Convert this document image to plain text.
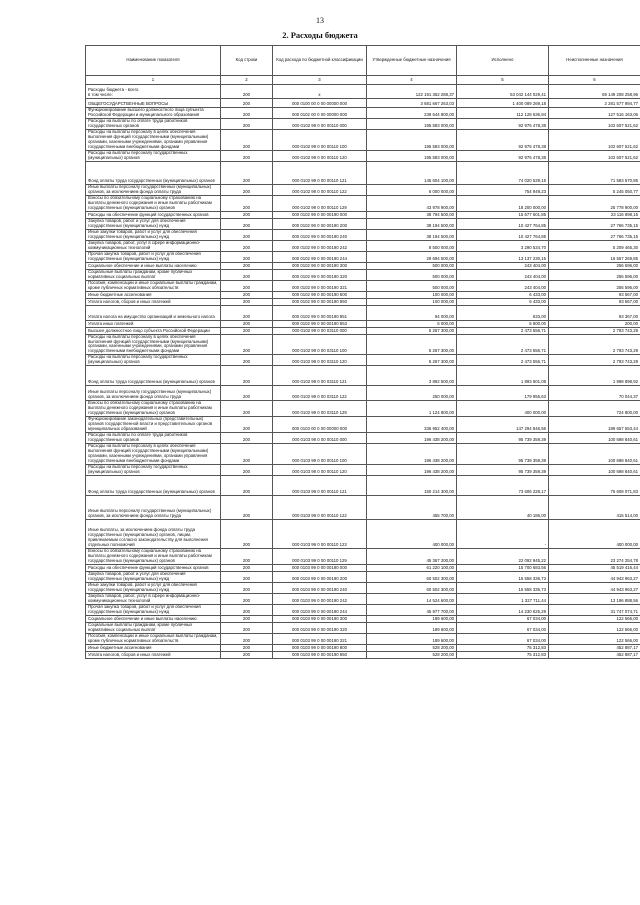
13
2. Расходы бюджета
Наименование показателя	Код строки	Код расхода по бюджетной классификации	Утвержденные бюджетные назначения	Исполнено	Неисполненные назначения
1	2	3	4	5	6
Расходы бюджета - всего
в том числе:	200	x	122 191 352 288,37	53 042 144 029,41	69 149 208 258,96
ОБЩЕГОСУДАРСТВЕННЫЕ ВОПРОСЫ	200	000 0100 00 0 00 00000 000	3 681 667 263,03	1 400 089 269,18	2 281 577 994,77
Функционирование высшего должностного лица субъекта Российской Федерации и муниципального образования	200	000 0102 00 0 00 00000 000	239 644 800,00	112 128 636,94	127 516 163,06
Расходы на выплаты по оплате труда работников государственных органов	200	000 0102 99 0 00 00110 000	195 583 000,00	92 975 478,38	102 607 521,62
Расходы на выплаты персоналу в целях обеспечения выполнения функций государственными (муниципальными) органами, казенными учреждениями, органами управления государственными внебюджетными фондами	200	000 0102 99 0 00 00110 100	195 583 000,00	92 975 478,38	102 607 521,62
Расходы на выплаты персоналу государственных (муниципальных) органов	200	000 0102 99 0 00 00110 120	195 583 000,00	92 975 478,38	102 607 521,62
Фонд оплаты труда государственных (муниципальных) органов	200	000 0102 99 0 00 00110 121	145 604 100,00	74 020 529,15	71 583 570,85
Иные выплаты персоналу государственных (муниципальных) органов, за исключением фонда оплаты труда	200	000 0102 99 0 00 00110 122	6 000 000,00	754 949,23	5 245 050,77
Взносы по обязательному социальному страхованию на выплаты денежного содержания и иные выплаты работникам государственных (муниципальных) органов	200	000 0102 99 0 00 00110 129	43 978 900,00	18 200 000,00	25 778 900,00
Расходы на обеспечение функций государственных органов	200	000 0102 99 0 00 00190 000	38 794 500,00	15 677 601,85	23 116 898,15
Закупка товаров, работ и услуг для обеспечения государственных (муниципальных) нужд	200	000 0102 99 0 00 00190 200	38 194 500,00	10 427 764,85	27 766 735,15
Иные закупки товаров, работ и услуг для обеспечения государственных (муниципальных) нужд	200	000 0102 99 0 00 00190 240	38 194 500,00	10 427 764,85	27 766 735,15
Закупка товаров, работ, услуг в сфере информационно-коммуникационных технологий	200	000 0102 99 0 00 00190 242	8 500 000,00	3 290 534,70	5 209 465,30
Прочая закупка товаров, работ и услуг для обеспечения государственных (муниципальных) нужд	200	000 0102 99 0 00 00190 244	29 694 500,00	13 137 230,15	16 557 269,85
Социальное обеспечение и иные выплаты населению	200	000 0102 99 0 00 00190 300	500 000,00	243 404,00	256 596,00
Социальные выплаты гражданам, кроме публичных нормативных социальных выплат	200	000 0102 99 0 00 00190 320	500 000,00	243 404,00	256 596,00
Пособия, компенсации и иные социальные выплаты гражданам, кроме публичных нормативных обязательств	200	000 0102 99 0 00 00190 321	500 000,00	243 404,00	256 596,00
Иные бюджетные ассигнования	200	000 0102 99 0 00 00190 800	100 000,00	6 433,00	93 567,00
Уплата налогов, сборов и иных платежей	200	000 0102 99 0 00 00190 850	100 000,00	6 433,00	93 567,00
Уплата налога на имущество организаций и земельного налога	200	000 0102 99 0 00 00190 851	94 000,00	633,00	93 367,00
Уплата иных платежей	200	000 0102 99 0 00 00190 853	6 000,00	5 800,00	200,00
Высшее должностное лицо субъекта Российской Федерации	200	000 0102 99 0 00 03110 000	5 267 300,00	2 473 556,71	2 793 743,29
Расходы на выплаты персоналу в целях обеспечения выполнения функций государственными (муниципальными) органами, казенными учреждениями, органами управления государственными внебюджетными фондами	200	000 0102 99 0 00 03110 100	5 267 300,00	2 473 556,71	2 793 743,29
Расходы на выплаты персоналу государственных (муниципальных) органов	200	000 0102 99 0 00 03110 120	5 267 300,00	2 473 556,71	2 793 743,29
Фонд оплаты труда государственных (муниципальных) органов	200	000 0102 99 0 00 03110 121	3 892 500,00	1 893 601,08	1 998 898,92
Иные выплаты персоналу государственных (муниципальных) органов, за исключением фонда оплаты труда	200	000 0102 99 0 00 03110 122	250 000,00	179 955,63	70 044,37
Взносы по обязательному социальному страхованию на выплаты денежного содержания и иные выплаты работникам государственных (муниципальных) органов	200	000 0102 99 0 00 03110 129	1 124 800,00	400 000,00	724 800,00
Функционирование законодательных (представительных) органов государственной власти и представительных органов муниципальных образований	200	000 0103 00 0 00 00000 000	336 952 400,00	147 294 846,56	189 657 553,44
Расходы на выплаты по оплате труда работников государственных органов	200	000 0103 99 0 00 00110 000	196 438 200,00	95 739 359,39	100 698 840,61
Расходы на выплаты персоналу в целях обеспечения выполнения функций государственными (муниципальными) органами, казенными учреждениями, органами управления государственными внебюджетными фондами	200	000 0103 99 0 00 00110 100	196 438 200,00	95 739 359,39	100 698 840,61
Расходы на выплаты персоналу государственных (муниципальных) органов	200	000 0103 99 0 00 00110 120	196 438 200,00	95 739 359,39	100 698 840,61
Фонд оплаты труда государственных (муниципальных) органов	200	000 0103 99 0 00 00110 121	150 214 300,00	73 606 228,17	76 608 071,83
Иные выплаты персоналу государственных (муниципальных) органов, за исключением фонда оплаты труда	200	000 0103 99 0 00 00110 122	455 700,00	40 186,00	415 514,00
Иные выплаты, за исключением фонда оплаты труда государственных (муниципальных) органов, лицам, привлекаемым согласно законодательству для выполнения отдельных полномочий	200	000 0103 99 0 00 00110 123	400 000,00	-	400 000,00
Взносы по обязательному социальному страхованию на выплаты денежного содержания и иные выплаты работникам государственных (муниципальных) органов	200	000 0103 99 0 00 00110 129	45 367 200,00	22 092 945,22	23 274 254,78
Расходы на обеспечение функций государственных органов	200	000 0103 99 0 00 00190 000	61 220 100,00	15 700 683,56	45 519 416,44
Закупка товаров, работ и услуг для обеспечения государственных (муниципальных) нужд	200	000 0103 99 0 00 00190 200	60 502 300,00	15 558 336,73	44 943 963,27
Иные закупки товаров, работ и услуг для обеспечения государственных (муниципальных) нужд	200	000 0103 99 0 00 00190 240	60 502 300,00	15 558 336,73	44 943 963,27
Закупка товаров, работ, услуг в сфере информационно-коммуникационных технологий	200	000 0103 99 0 00 00190 242	14 524 600,00	1 327 711,44	13 196 888,56
Прочая закупка товаров, работ и услуг для обеспечения государственных (муниципальных) нужд	200	000 0103 99 0 00 00190 244	45 977 700,00	14 230 625,29	31 747 074,71
Социальное обеспечение и иные выплаты населению	200	000 0103 99 0 00 00190 300	189 600,00	67 034,00	122 566,00
Социальные выплаты гражданам, кроме публичных нормативных социальных выплат	200	000 0103 99 0 00 00190 320	189 600,00	67 034,00	122 566,00
Пособия, компенсации и иные социальные выплаты гражданам, кроме публичных нормативных обязательств	200	000 0103 99 0 00 00190 321	189 600,00	67 034,00	122 566,00
Иные бюджетные ассигнования	200	000 0103 99 0 00 00190 800	528 200,00	75 312,83	452 887,17
Уплата налогов, сборов и иных платежей	200	000 0103 99 0 00 00190 850	528 200,00	75 312,83	452 887,17
